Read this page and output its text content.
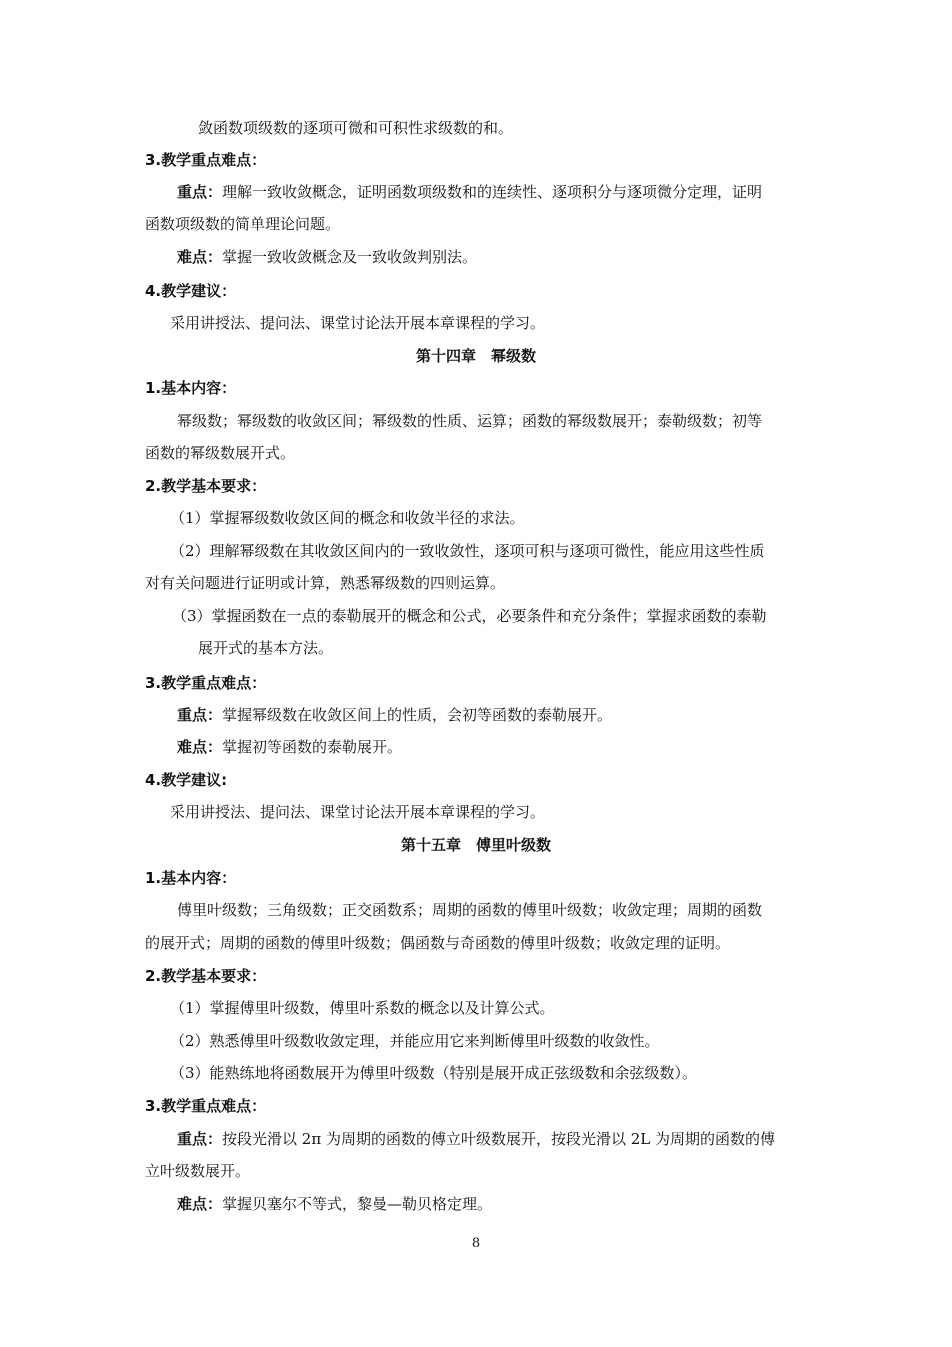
敛函数项级数的逐项可微和可积性求级数的和。
3.教学重点难点：
重点：理解一致收敛概念，证明函数项级数和的连续性、逐项积分与逐项微分定理，证明
函数项级数的简单理论问题。
难点：掌握一致收敛概念及一致收敛判别法。
4.教学建议：
采用讲授法、提问法、课堂讨论法开展本章课程的学习。
第十四章　幂级数
1.基本内容：
幂级数；幂级数的收敛区间；幂级数的性质、运算；函数的幂级数展开；泰勒级数；初等
函数的幂级数展开式。
2.教学基本要求：
（1）掌握幂级数收敛区间的概念和收敛半径的求法。
（2）理解幂级数在其收敛区间内的一致收敛性，逐项可积与逐项可微性，能应用这些性质
对有关问题进行证明或计算，熟悉幂级数的四则运算。
（3）掌握函数在一点的泰勒展开的概念和公式，必要条件和充分条件；掌握求函数的泰勒
展开式的基本方法。
3.教学重点难点：
重点：掌握幂级数在收敛区间上的性质，会初等函数的泰勒展开。
难点：掌握初等函数的泰勒展开。
4.教学建议:
采用讲授法、提问法、课堂讨论法开展本章课程的学习。
第十五章　傅里叶级数
1.基本内容：
傅里叶级数；三角级数；正交函数系；周期的函数的傅里叶级数；收敛定理；周期的函数
的展开式；周期的函数的傅里叶级数；偶函数与奇函数的傅里叶级数；收敛定理的证明。
2.教学基本要求：
（1）掌握傅里叶级数，傅里叶系数的概念以及计算公式。
（2）熟悉傅里叶级数收敛定理，并能应用它来判断傅里叶级数的收敛性。
（3）能熟练地将函数展开为傅里叶级数（特别是展开成正弦级数和余弦级数）。
3.教学重点难点：
重点：按段光滑以 2π 为周期的函数的傅立叶级数展开，按段光滑以 2L 为周期的函数的傅
立叶级数展开。
难点：掌握贝塞尔不等式，黎曼—勒贝格定理。
8
